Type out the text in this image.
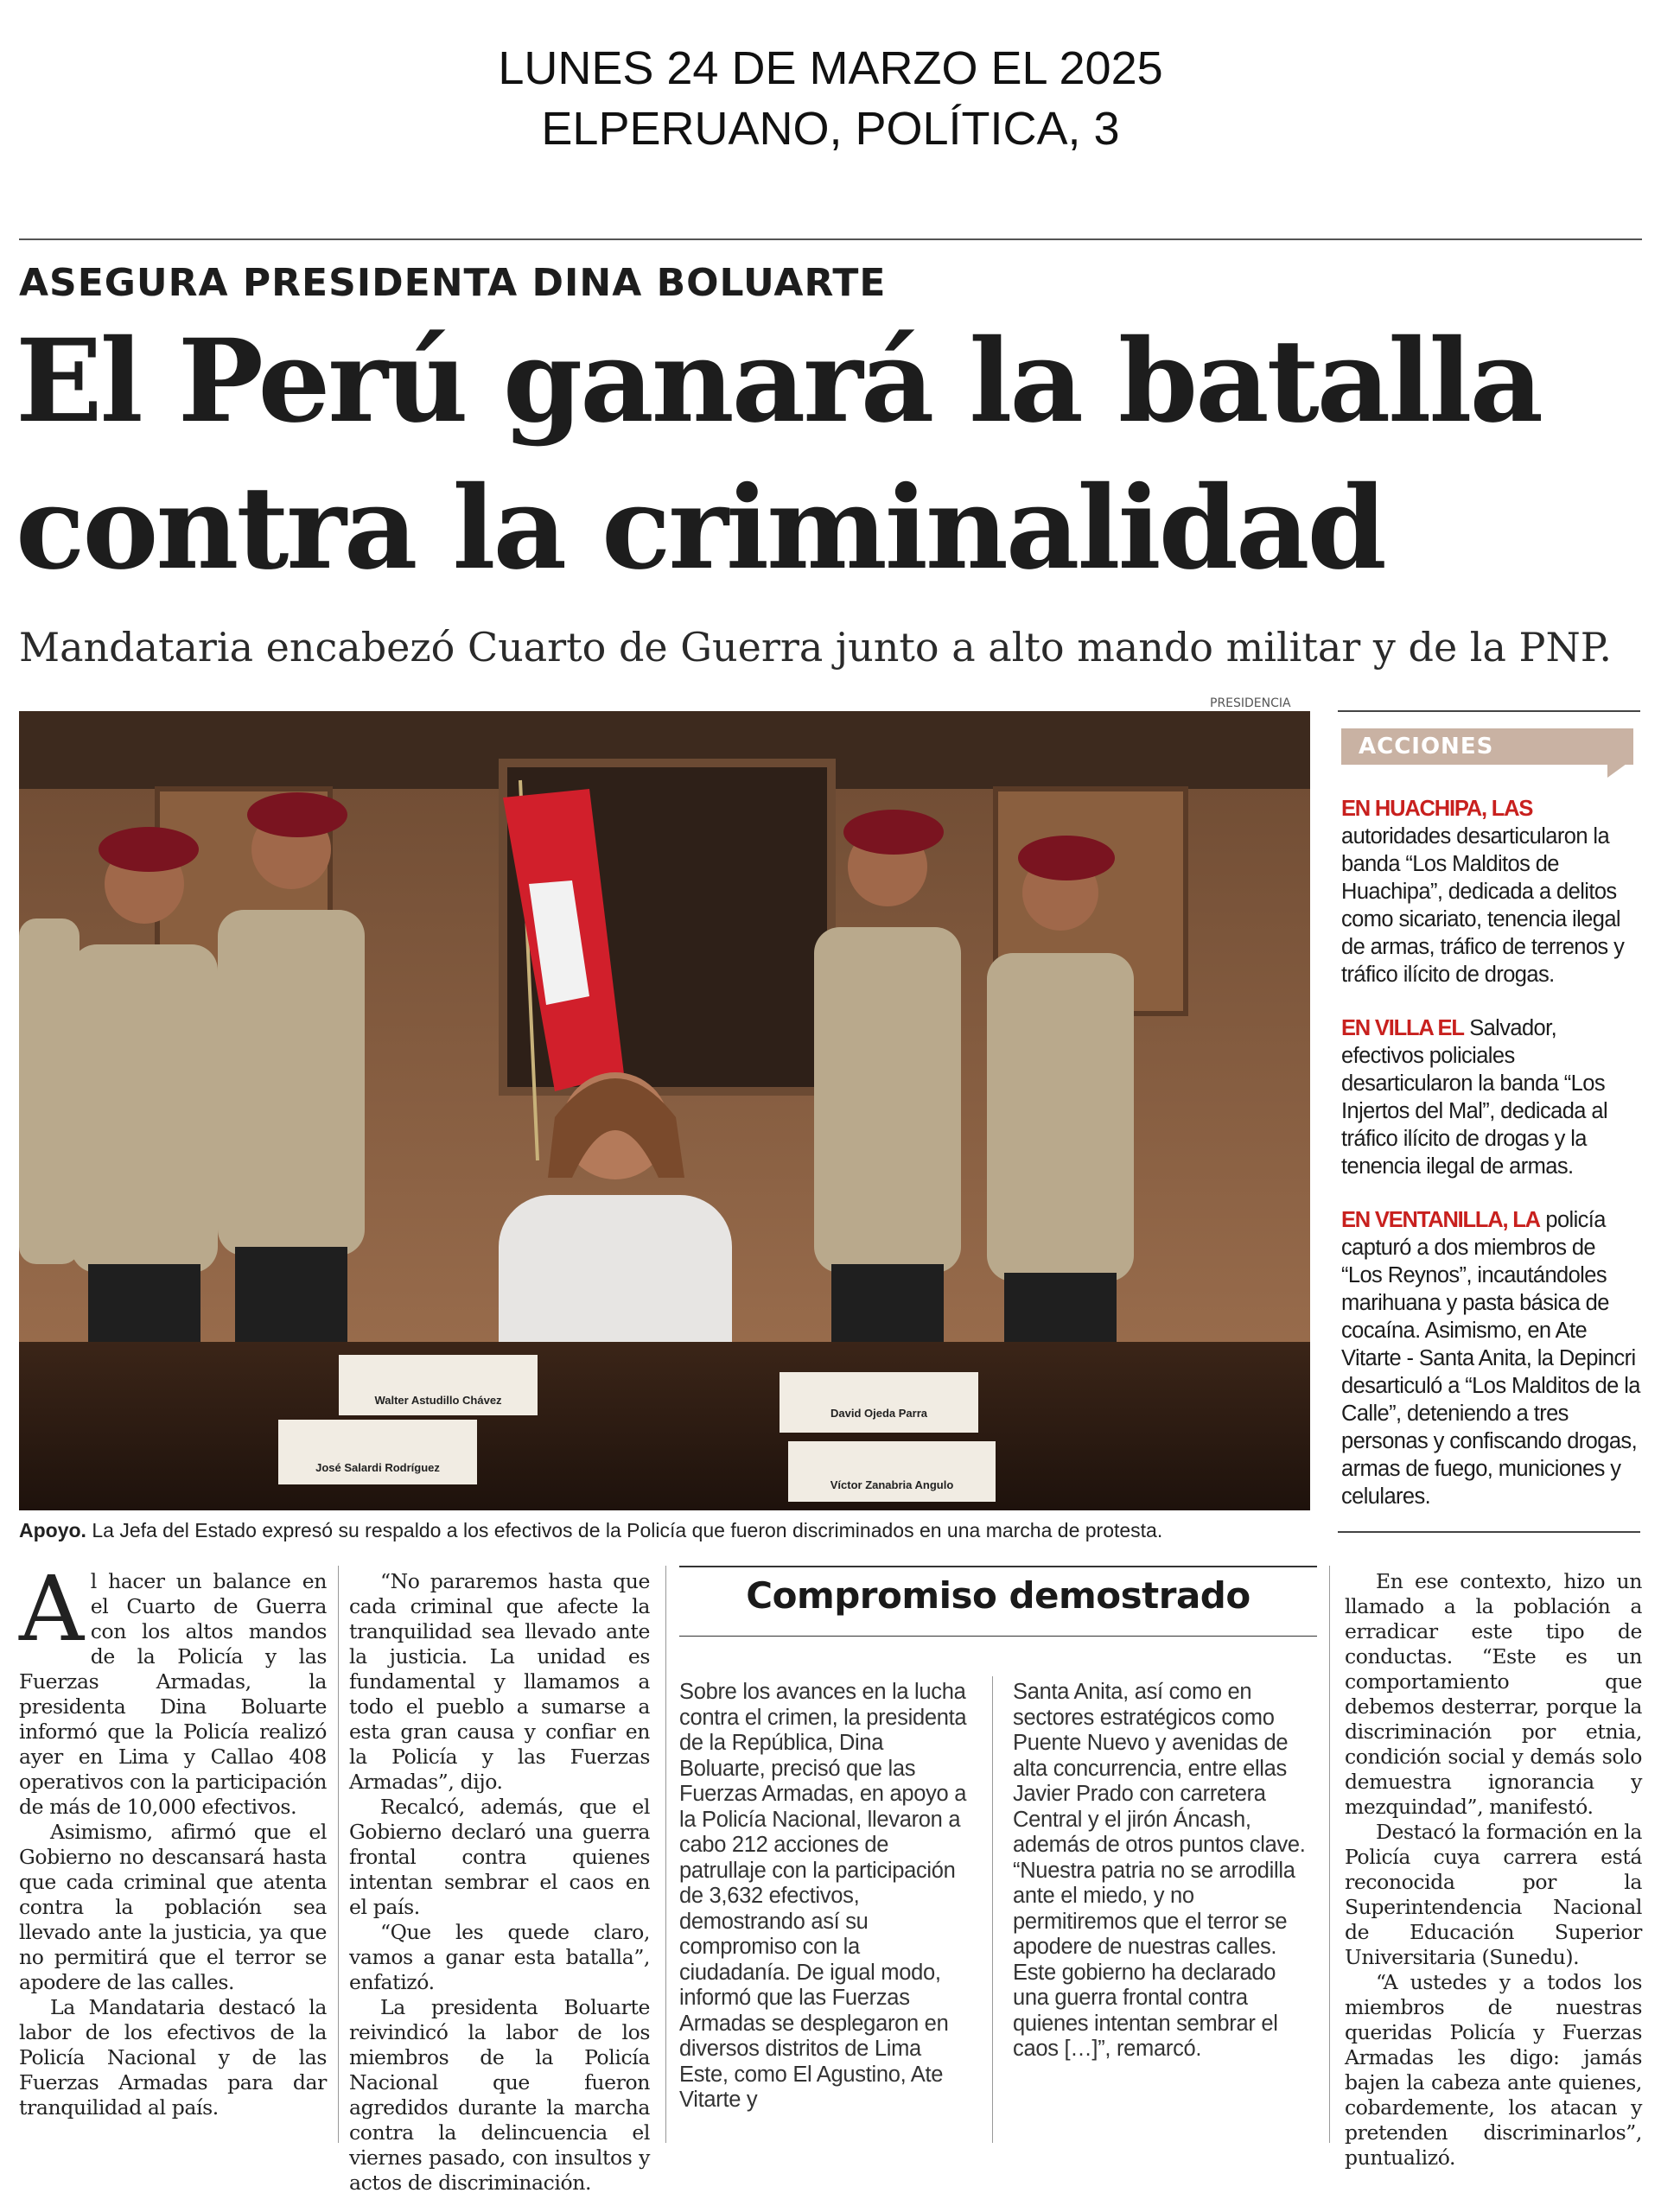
LUNES 24 DE MARZO EL 2025
ELPERUANO, POLÍTICA, 3
ASEGURA PRESIDENTA DINA BOLUARTE
El Perú ganará la batalla
contra la criminalidad
Mandataria encabezó Cuarto de Guerra junto a alto mando militar y de la PNP.
PRESIDENCIA
Walter Astudillo Chávez
David Ojeda Parra
José Salardi Rodríguez
Víctor Zanabria Angulo
Apoyo. La Jefa del Estado expresó su respaldo a los efectivos de la Policía que fueron discriminados en una marcha de protesta.
ACCIONES
EN HUACHIPA, LAS autoridades desarticularon la banda “Los Malditos de Huachipa”, dedicada a delitos como sicariato, tenencia ilegal de armas, tráfico de terrenos y tráfico ilícito de drogas.
EN VILLA EL Salvador, efectivos policiales desarticularon la banda “Los Injertos del Mal”, dedicada al tráfico ilícito de drogas y la tenencia ilegal de armas.
EN VENTANILLA, LA policía capturó a dos miembros de “Los Reynos”, incautándoles marihuana y pasta básica de cocaína. Asimismo, en Ate Vitarte - Santa Anita, la Depincri desarticuló a “Los Malditos de la Calle”, deteniendo a tres personas y confiscando drogas, armas de fuego, municiones y celulares.

Al hacer un balance en el Cuarto de Guerra con los altos mandos de la Policía y las Fuerzas Armadas, la presidenta Dina Boluarte informó que la Policía realizó ayer en Lima y Callao 408 operativos con la participación de más de 10,000 efectivos.

Asimismo, afirmó que el Gobierno no descansará hasta que cada criminal que atenta contra la población sea llevado ante la justicia, ya que no permitirá que el terror se apodere de las calles.

La Mandataria destacó la labor de los efectivos de la Policía Nacional y de las Fuerzas Armadas para dar tranquilidad al país.

“No pararemos hasta que cada criminal que afecte la tranquilidad sea llevado ante la justicia. La unidad es fundamental y llamamos a todo el pueblo a sumarse a esta gran causa y confiar en la Policía y las Fuerzas Armadas”, dijo.

Recalcó, además, que el Gobierno declaró una guerra frontal contra quienes intentan sembrar el caos en el país.

“Que les quede claro, vamos a ganar esta batalla”, enfatizó.

La presidenta Boluarte reivindicó la labor de los miembros de la Policía Nacional que fueron agredidos durante la marcha contra la delincuencia el viernes pasado, con insultos y actos de discriminación.

Compromiso demostrado

Sobre los avances en la lucha contra el crimen, la presidenta de la República, Dina Boluarte, precisó que las Fuerzas Armadas, en apoyo a la Policía Nacional, llevaron a cabo 212 acciones de patrullaje con la participación de 3,632 efectivos, demostrando así su compromiso con la ciudadanía. De igual modo, informó que las Fuerzas Armadas se desplegaron en diversos distritos de Lima Este, como El Agustino, Ate Vitarte y

Santa Anita, así como en sectores estratégicos como Puente Nuevo y avenidas de alta concurrencia, entre ellas Javier Prado con carretera Central y el jirón Áncash, además de otros puntos clave.

“Nuestra patria no se arrodilla ante el miedo, y no permitiremos que el terror se apodere de nuestras calles. Este gobierno ha declarado una guerra frontal contra quienes intentan sembrar el caos […]”, remarcó.

En ese contexto, hizo un llamado a la población a erradicar este tipo de conductas. “Este es un comportamiento que debemos desterrar, porque la discriminación por etnia, condición social y demás solo demuestra ignorancia y mezquindad”, manifestó.

Destacó la formación en la Policía cuya carrera está reconocida por la Superintendencia Nacional de Educación Superior Universitaria (Sunedu).

“A ustedes y a todos los miembros de nuestras queridas Policía y Fuerzas Armadas les digo: jamás bajen la cabeza ante quienes, cobardemente, los atacan y pretenden discriminarlos”, puntualizó.
